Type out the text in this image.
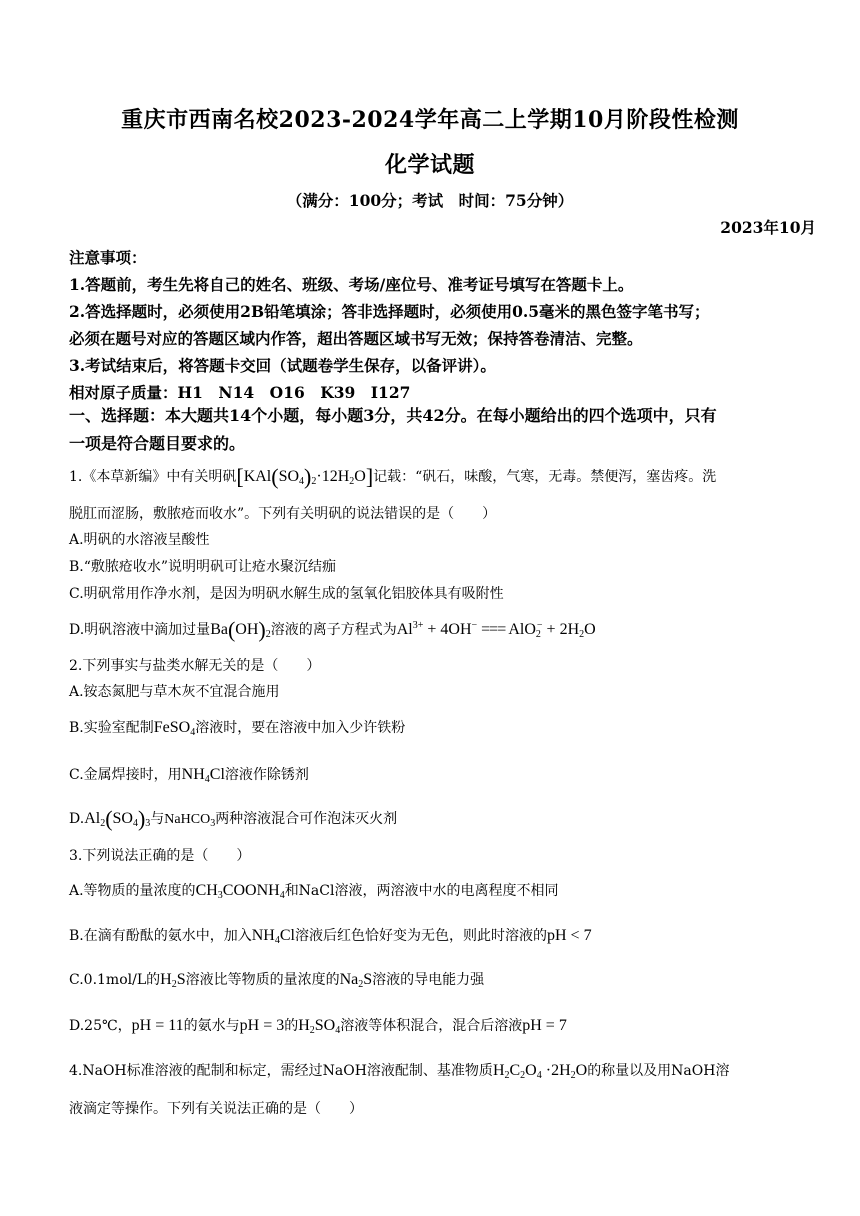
重庆市西南名校2023-2024学年高二上学期10月阶段性检测
化学试题
（满分：100分；考试　时间：75分钟）
2023年10月
注意事项：
1.答题前，考生先将自己的姓名、班级、考场/座位号、准考证号填写在答题卡上。
2.答选择题时，必须使用2B铅笔填涂；答非选择题时，必须使用0.5毫米的黑色签字笔书写；
必须在题号对应的答题区域内作答，超出答题区域书写无效；保持答卷清洁、完整。
3.考试结束后，将答题卡交回（试题卷学生保存，以备评讲）。
相对原子质量：H1　N14　O16　K39　I127
一、选择题：本大题共14个小题，每小题3分，共42分。在每小题给出的四个选项中，只有
一项是符合题目要求的。
1.《本草新编》中有关明矾$[KAl(SO_4)_2\cdot 12H_2O]$记载：“矾石，味酸，气寒，无毒。禁便泻，塞齿疼。洗
脱肛而涩肠，敷脓疮而收水”。下列有关明矾的说法错误的是（　　）
A.明矾的水溶液呈酸性
B.“敷脓疮收水”说明明矾可让疮水聚沉结痂
C.明矾常用作净水剂，是因为明矾水解生成的氢氧化铝胶体具有吸附性
D.明矾溶液中滴加过量$Ba(OH)_2$溶液的离子方程式为$Al^{3+} + 4OH^-$ === $AlO_2^- + 2H_2O$
2.下列事实与盐类水解无关的是（　　）
A.铵态氮肥与草木灰不宜混合施用
B.实验室配制FeSO$_4$溶液时，要在溶液中加入少许铁粉
C.金属焊接时，用$NH_4Cl$溶液作除锈剂
$D.Al_2(SO_4)_3$与NaHCO$_3$两种溶液混合可作泡沫灭火剂
3.下列说法正确的是（　　）
A.等物质的量浓度的$CH_3COONH_4$和NaCl溶液，两溶液中水的电离程度不相同
B.在滴有酚酞的氨水中，加入$NH_4Cl$溶液后红色恰好变为无色，则此时溶液的pH < 7
C.0.1mol/L的$H_2S$溶液比等物质的量浓度的$Na_2S$溶液的导电能力强
D.25℃，pH = 11的氨水与pH = 3的$H_2SO_4$溶液等体积混合，混合后溶液pH = 7
4.NaOH标准溶液的配制和标定，需经过NaOH溶液配制、基准物质$H_2C_2O_4 \cdot 2H_2O$的称量以及用NaOH溶
液滴定等操作。下列有关说法正确的是（　　）
